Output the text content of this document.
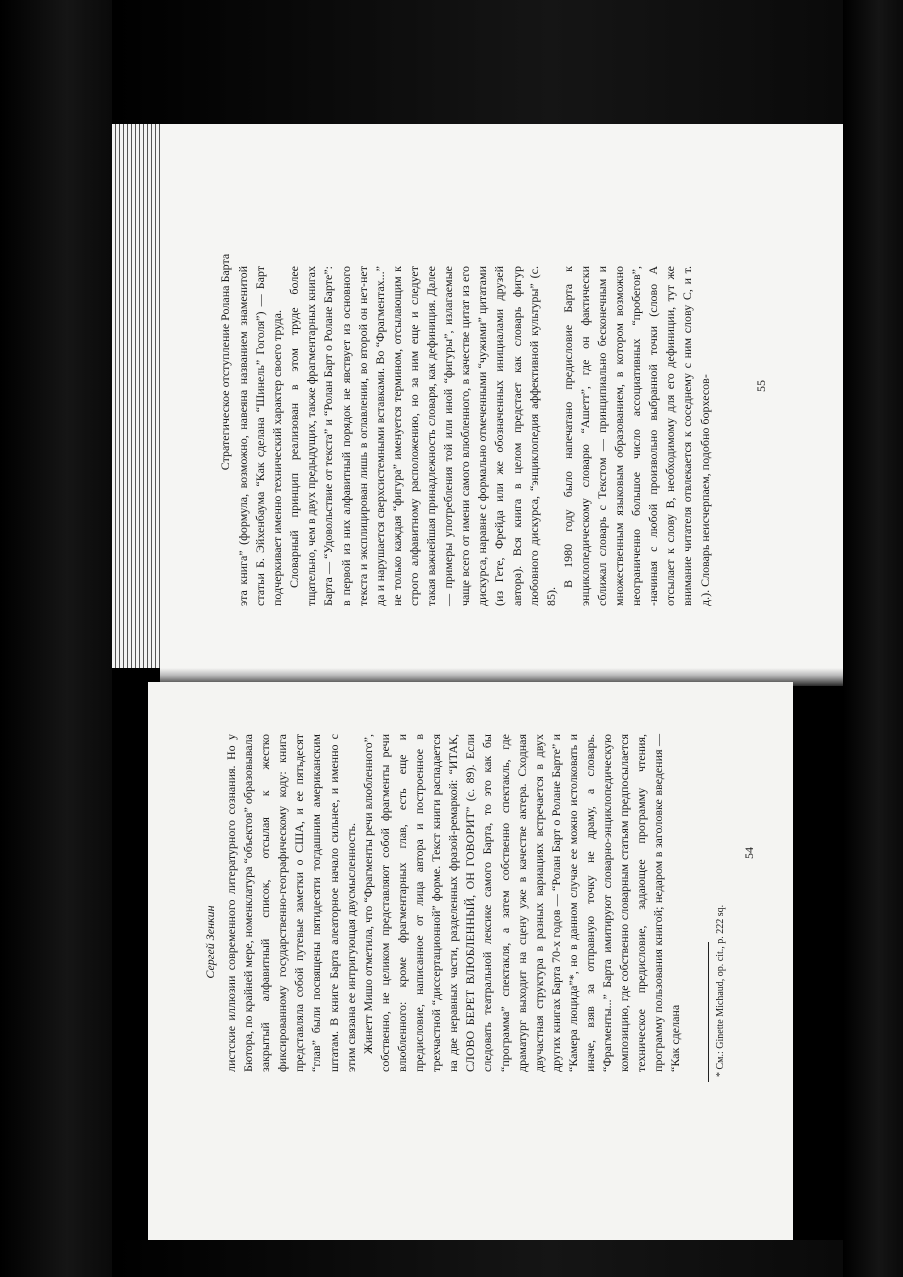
Стратегическое отступление Ролана Барта эта книга” (формула, возможно, навеяна названием знаменитой статьи Б. Эйхенбаума “Как сделана “Шинель” Гоголя”) — Барт подчеркивает именно технический характер своего труда. Словарный принцип реализован в этом труде более тщательно, чем в двух предыдущих, также фрагментарных книгах Барта — “Удовольствие от текста” и “Ролан Барт о Ролане Барте”: в первой из них алфавитный порядок не явствует из основного текста и эксплицирован лишь в оглавлении, во второй он нет-нет да и нарушается сверхсистемными вставками. Во “Фрагментах...” не только каждая “фигура” именуется термином, отсылающим к строго алфавитному расположению, но за ним еще и следует такая важнейшая принадлежность словаря, как дефиниция. Далее — примеры употребления той или иной “фигуры”, излагаемые чаще всего от имени самого влюбленного, в качестве цитат из его дискурса, наравне с формально отмеченными “чужими” цитатами (из Гете, Фрейда или же обозначенных инициалами друзей автора). Вся книга в целом предстает как словарь фигур любовного дискурса, “энциклопедия аффективной культуры” (с. 85).

В 1980 году было напечатано предисловие Барта к энциклопедическому словарю “Ашетт”, где он фактически сближал словарь с Текстом — принципиально бесконечным и множественным языковым образованием, в котором возможно неограниченно большое число ассоциативных “пробегов”, -начиная с любой произвольно выбранной точки (слово A отсылает к слову B, необходимому для его дефиниции, тут же внимание читателя отвлекается к соседнему с ним слову C, и т. д.). Словарь неисчерпаем, подобно борхесов-	55
Сергей Зенкин листские иллюзии современного литературного сознания. Но у Бютора, по крайней мере, номенклатура “объектов” образовывала закрытый алфавитный список, отсылая к жестко фиксированному государственно-географическому коду: книга представляла собой путевые заметки о США, и ее пятьдесят “глав” были посвящены пятидесяти тогдашним американским штатам. В книге Барта алеаторное начало сильнее, и именно с этим связана ее интригующая двусмысленность. Жинетт Мишо отметила, что “Фрагменты речи влюбленного”, собственно, не целиком представляют собой фрагменты речи влюбленного: кроме фрагментарных глав, есть еще и предисловие, написанное от лица автора и построенное в трехчастной “диссертационной” форме. Текст книги распадается на две неравных части, разделенных фразой-ремаркой: “ИТАК, СЛОВО БЕРЕТ ВЛЮБЛЕННЫЙ, ОН ГОВОРИТ” (с. 89). Если следовать театральной лексике самого Барта, то это как бы “программа” спектакля, а затем собственно спектакль, где драматург выходит на сцену уже в качестве актера. Сходная двучастная структура в разных вариациях встречается в двух других книгах Барта 70-х годов — “Ролан Барт о Ролане Барте” и “Камера люцида”*, но в данном случае ее можно истолковать и иначе, взяв за отправную точку не драму, а словарь. “Фрагменты...” Барта имитируют словарно-энциклопедическую композицию, где собственно словарным статьям предпосылается техническое предисловие, задающее программу чтения, программу пользования книгой; недаром в заголовке введения — “Как сделана	* См.: Ginette Michaud, op. cit., p. 222 sq.
54
